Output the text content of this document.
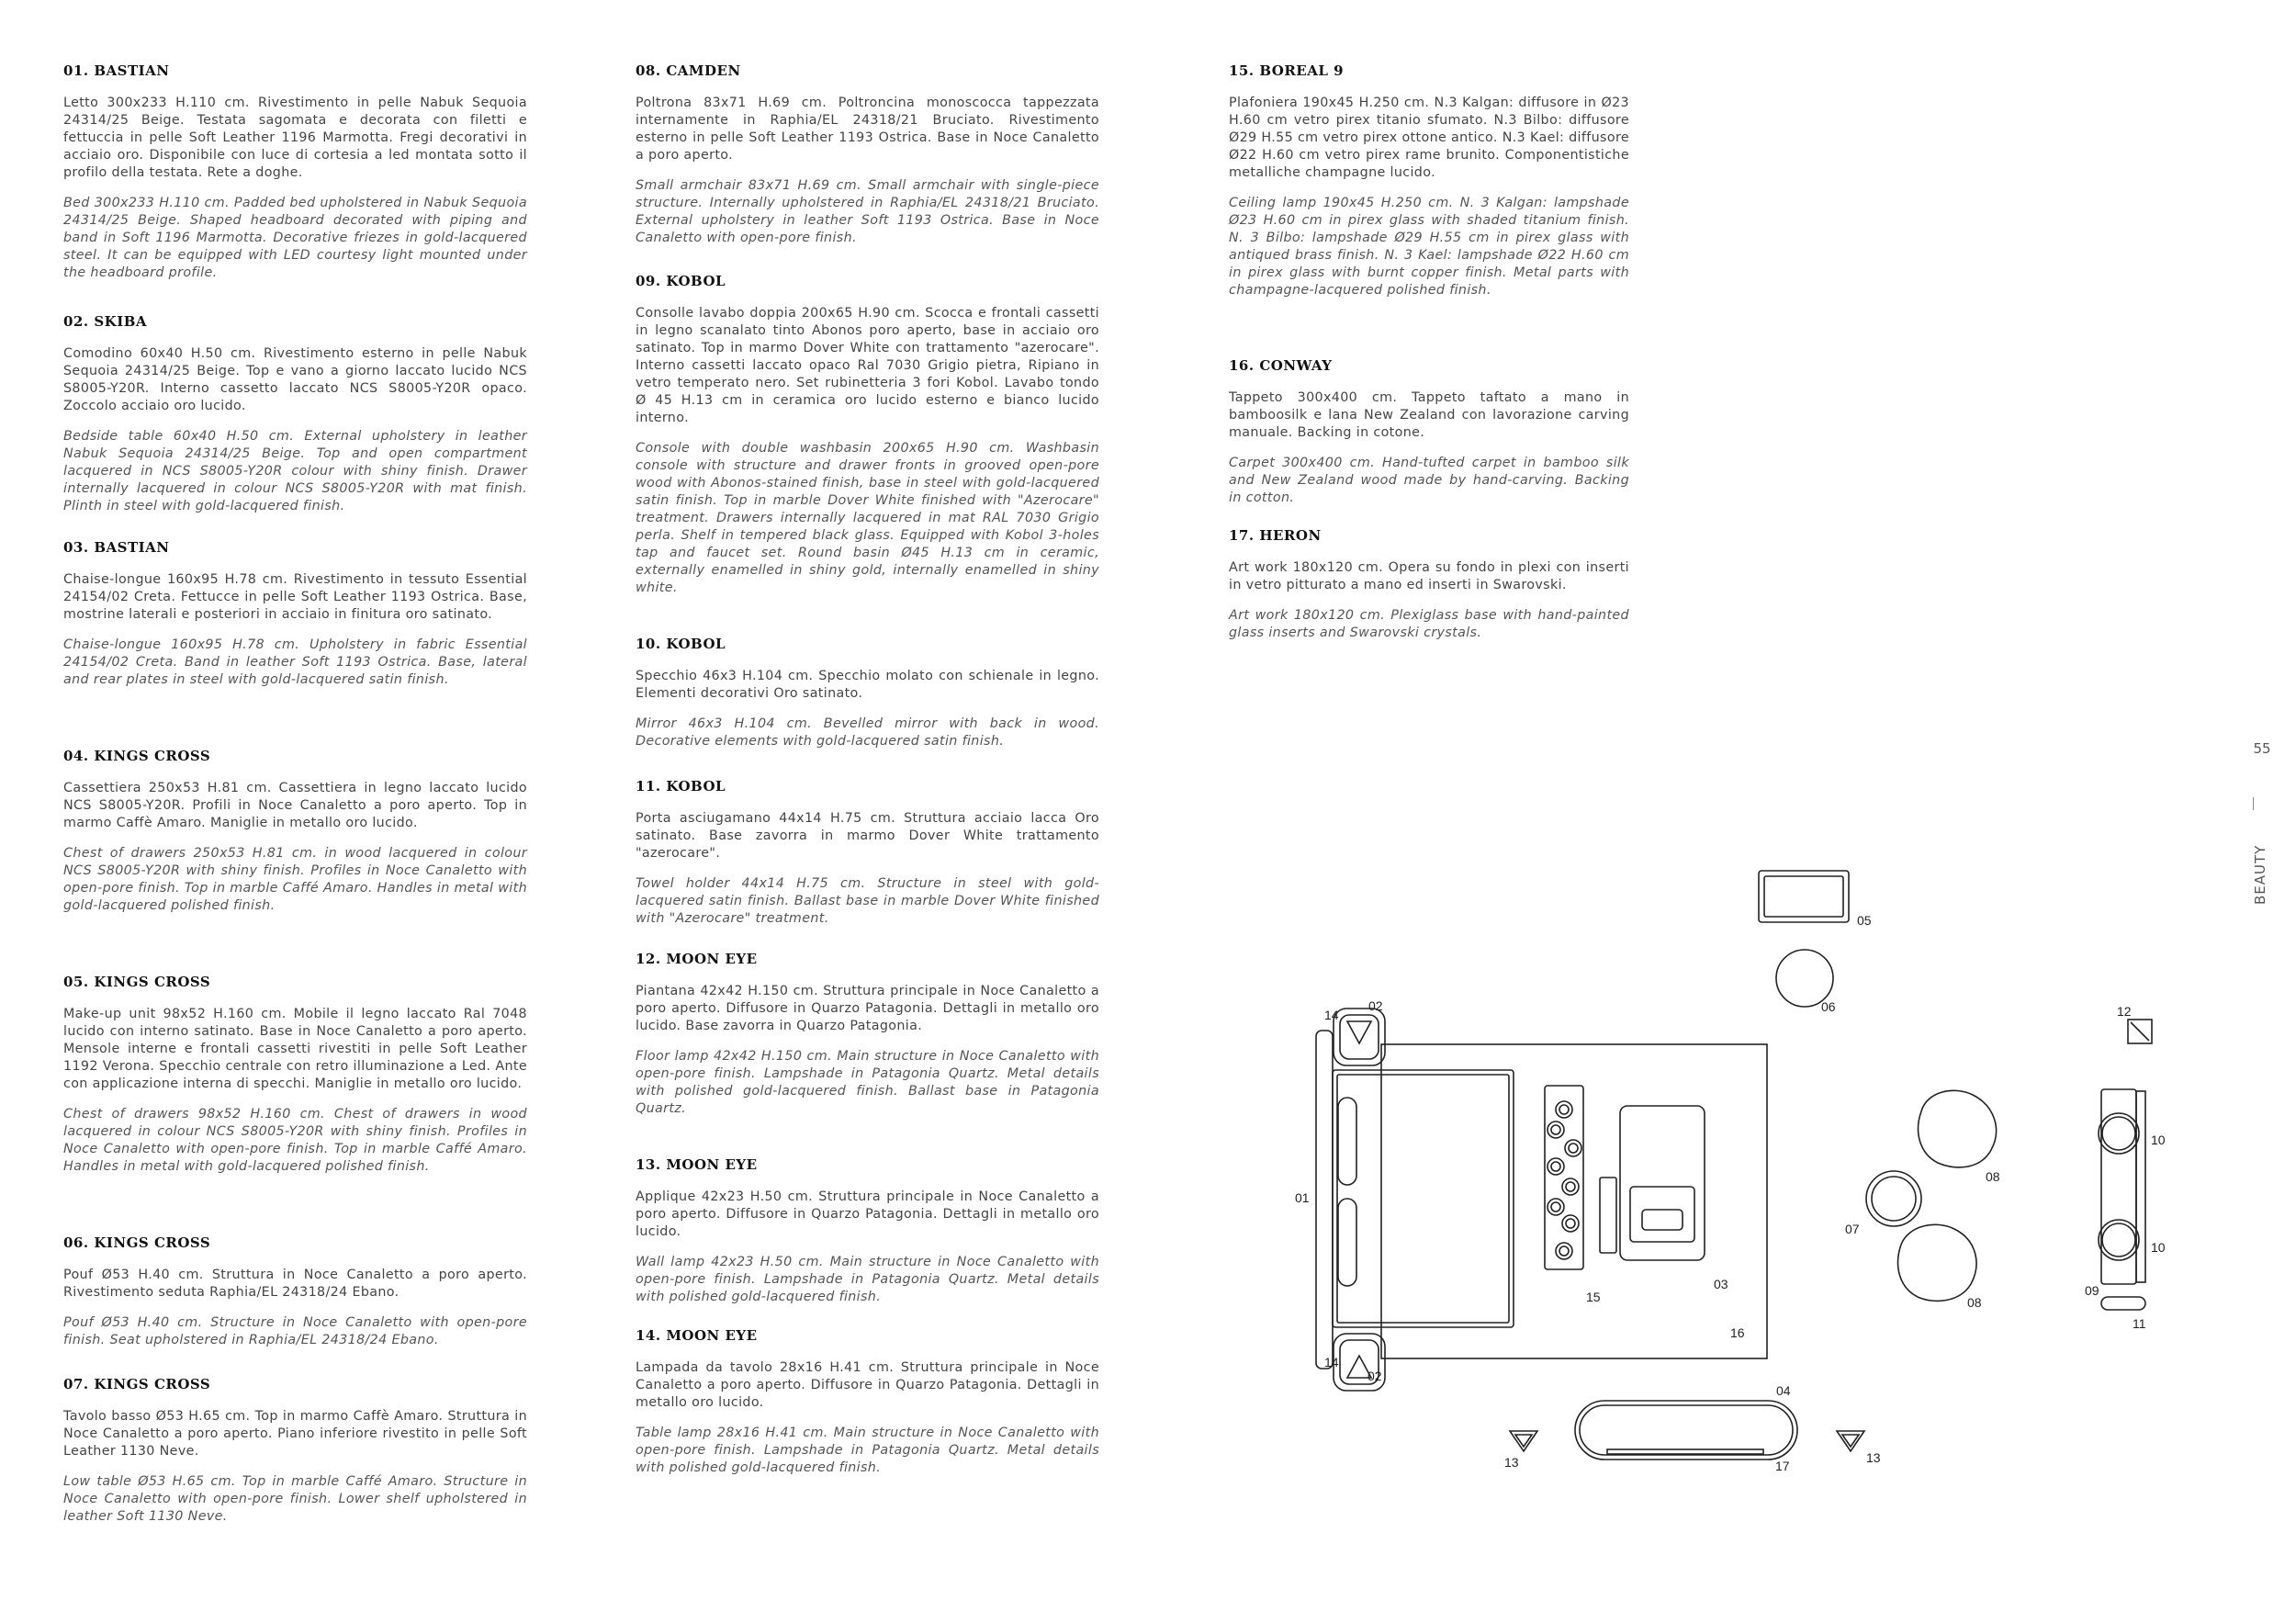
01. BASTIAN

Letto 300x233 H.110 cm. Rivestimento in pelle Nabuk Sequoia 24314/25 Beige. Testata sagomata e decorata con filetti e fettuccia in pelle Soft Leather 1196 Marmotta. Fregi decorativi in acciaio oro. Disponibile con luce di cortesia a led montata sotto il profilo della testata. Rete a doghe.

Bed 300x233 H.110 cm. Padded bed upholstered in Nabuk Sequoia 24314/25 Beige. Shaped headboard decorated with piping and band in Soft 1196 Marmotta. Decorative friezes in gold-lacquered steel. It can be equipped with LED courtesy light mounted under the headboard profile.

02. SKIBA

Comodino 60x40 H.50 cm. Rivestimento esterno in pelle Nabuk Sequoia 24314/25 Beige. Top e vano a giorno laccato lucido NCS S8005-Y20R. Interno cassetto laccato NCS S8005-Y20R opaco. Zoccolo acciaio oro lucido.

Bedside table 60x40 H.50 cm. External upholstery in leather Nabuk Sequoia 24314/25 Beige. Top and open compartment lacquered in NCS S8005-Y20R colour with shiny finish. Drawer internally lacquered in colour NCS S8005-Y20R with mat finish. Plinth in steel with gold-lacquered finish.

03. BASTIAN

Chaise-longue 160x95 H.78 cm. Rivestimento in tessuto Essential 24154/02 Creta. Fettucce in pelle Soft Leather 1193 Ostrica. Base, mostrine laterali e posteriori in acciaio in finitura oro satinato.

Chaise-longue 160x95 H.78 cm. Upholstery in fabric Essential 24154/02 Creta. Band in leather Soft 1193 Ostrica. Base, lateral and rear plates in steel with gold-lacquered satin finish.

04. KINGS CROSS

Cassettiera 250x53 H.81 cm. Cassettiera in legno laccato lucido NCS S8005-Y20R. Profili in Noce Canaletto a poro aperto. Top in marmo Caffè Amaro. Maniglie in metallo oro lucido.

Chest of drawers 250x53 H.81 cm. in wood lacquered in colour NCS S8005-Y20R with shiny finish. Profiles in Noce Canaletto with open-pore finish. Top in marble Caffé Amaro. Handles in metal with gold-lacquered polished finish.

05. KINGS CROSS

Make-up unit 98x52 H.160 cm. Mobile il legno laccato Ral 7048 lucido con interno satinato. Base in Noce Canaletto a poro aperto. Mensole interne e frontali cassetti rivestiti in pelle Soft Leather 1192 Verona. Specchio centrale con retro illuminazione a Led. Ante con applicazione interna di specchi. Maniglie in metallo oro lucido.

Chest of drawers 98x52 H.160 cm. Chest of drawers in wood lacquered in colour NCS S8005-Y20R with shiny finish. Profiles in Noce Canaletto with open-pore finish. Top in marble Caffé Amaro. Handles in metal with gold-lacquered polished finish.

06. KINGS CROSS

Pouf Ø53 H.40 cm. Struttura in Noce Canaletto a poro aperto. Rivestimento seduta Raphia/EL 24318/24 Ebano.

Pouf Ø53 H.40 cm. Structure in Noce Canaletto with open-pore finish. Seat upholstered in Raphia/EL 24318/24 Ebano.

07. KINGS CROSS

Tavolo basso Ø53 H.65 cm. Top in marmo Caffè Amaro. Struttura in Noce Canaletto a poro aperto. Piano inferiore rivestito in pelle Soft Leather 1130 Neve.

Low table Ø53 H.65 cm. Top in marble Caffé Amaro. Structure in Noce Canaletto with open-pore finish. Lower shelf upholstered in leather Soft 1130 Neve.

08. CAMDEN

Poltrona 83x71 H.69 cm. Poltroncina monoscocca tappezzata internamente in Raphia/EL 24318/21 Bruciato. Rivestimento esterno in pelle Soft Leather 1193 Ostrica. Base in Noce Canaletto a poro aperto.

Small armchair 83x71 H.69 cm. Small armchair with single-piece structure. Internally upholstered in Raphia/EL 24318/21 Bruciato. External upholstery in leather Soft 1193 Ostrica. Base in Noce Canaletto with open-pore finish.

09. KOBOL

Consolle lavabo doppia 200x65 H.90 cm. Scocca e frontali cassetti in legno scanalato tinto Abonos poro aperto, base in acciaio oro satinato. Top in marmo Dover White con trattamento "azerocare". Interno cassetti laccato opaco Ral 7030 Grigio pietra, Ripiano in vetro temperato nero. Set rubinetteria 3 fori Kobol. Lavabo tondo Ø 45 H.13 cm in ceramica oro lucido esterno e bianco lucido interno.

Console with double washbasin 200x65 H.90 cm. Washbasin console with structure and drawer fronts in grooved open-pore wood with Abonos-stained finish, base in steel with gold-lacquered satin finish. Top in marble Dover White finished with "Azerocare" treatment. Drawers internally lacquered in mat RAL 7030 Grigio perla. Shelf in tempered black glass. Equipped with Kobol 3-holes tap and faucet set. Round basin Ø45 H.13 cm in ceramic, externally enamelled in shiny gold, internally enamelled in shiny white.

10. KOBOL

Specchio 46x3 H.104 cm. Specchio molato con schienale in legno. Elementi decorativi Oro satinato.

Mirror 46x3 H.104 cm. Bevelled mirror with back in wood. Decorative elements with gold-lacquered satin finish.

11. KOBOL

Porta asciugamano 44x14 H.75 cm. Struttura acciaio lacca Oro satinato. Base zavorra in marmo Dover White trattamento "azerocare".

Towel holder 44x14 H.75 cm. Structure in steel with gold-lacquered satin finish. Ballast base in marble Dover White finished with "Azerocare" treatment.

12. MOON EYE

Piantana 42x42 H.150 cm. Struttura principale in Noce Canaletto a poro aperto. Diffusore in Quarzo Patagonia. Dettagli in metallo oro lucido. Base zavorra in Quarzo Patagonia.

Floor lamp 42x42 H.150 cm. Main structure in Noce Canaletto with open-pore finish. Lampshade in Patagonia Quartz. Metal details with polished gold-lacquered finish. Ballast base in Patagonia Quartz.

13. MOON EYE

Applique 42x23 H.50 cm. Struttura principale in Noce Canaletto a poro aperto. Diffusore in Quarzo Patagonia. Dettagli in metallo oro lucido.

Wall lamp 42x23 H.50 cm. Main structure in Noce Canaletto with open-pore finish. Lampshade in Patagonia Quartz. Metal details with polished gold-lacquered finish.

14. MOON EYE

Lampada da tavolo 28x16 H.41 cm. Struttura principale in Noce Canaletto a poro aperto. Diffusore in Quarzo Patagonia. Dettagli in metallo oro lucido.

Table lamp 28x16 H.41 cm. Main structure in Noce Canaletto with open-pore finish. Lampshade in Patagonia Quartz. Metal details with polished gold-lacquered finish.

15. BOREAL 9

Plafoniera 190x45 H.250 cm. N.3 Kalgan: diffusore in Ø23 H.60 cm vetro pirex titanio sfumato. N.3 Bilbo: diffusore Ø29 H.55 cm vetro pirex ottone antico. N.3 Kael: diffusore Ø22 H.60 cm vetro pirex rame brunito. Componentistiche metalliche champagne lucido.

Ceiling lamp 190x45 H.250 cm. N. 3 Kalgan: lampshade Ø23 H.60 cm in pirex glass with shaded titanium finish. N. 3 Bilbo: lampshade Ø29 H.55 cm in pirex glass with antiqued brass finish. N. 3 Kael: lampshade Ø22 H.60 cm in pirex glass with burnt copper finish. Metal parts with champagne-lacquered polished finish.

16. CONWAY

Tappeto 300x400 cm. Tappeto taftato a mano in bamboosilk e lana New Zealand con lavorazione carving manuale. Backing in cotone.

Carpet 300x400 cm. Hand-tufted carpet in bamboo silk and New Zealand wood made by hand-carving. Backing in cotton.

17. HERON

Art work 180x120 cm. Opera su fondo in plexi con inserti in vetro pitturato a mano ed inserti in Swarovski.

Art work 180x120 cm. Plexiglass base with hand-painted glass inserts and Swarovski crystals.

55
BEAUTY
05
06
14
02
01
14
02
15
03
16
07
08
08
12
10
10
09
11
04
13	13
17
